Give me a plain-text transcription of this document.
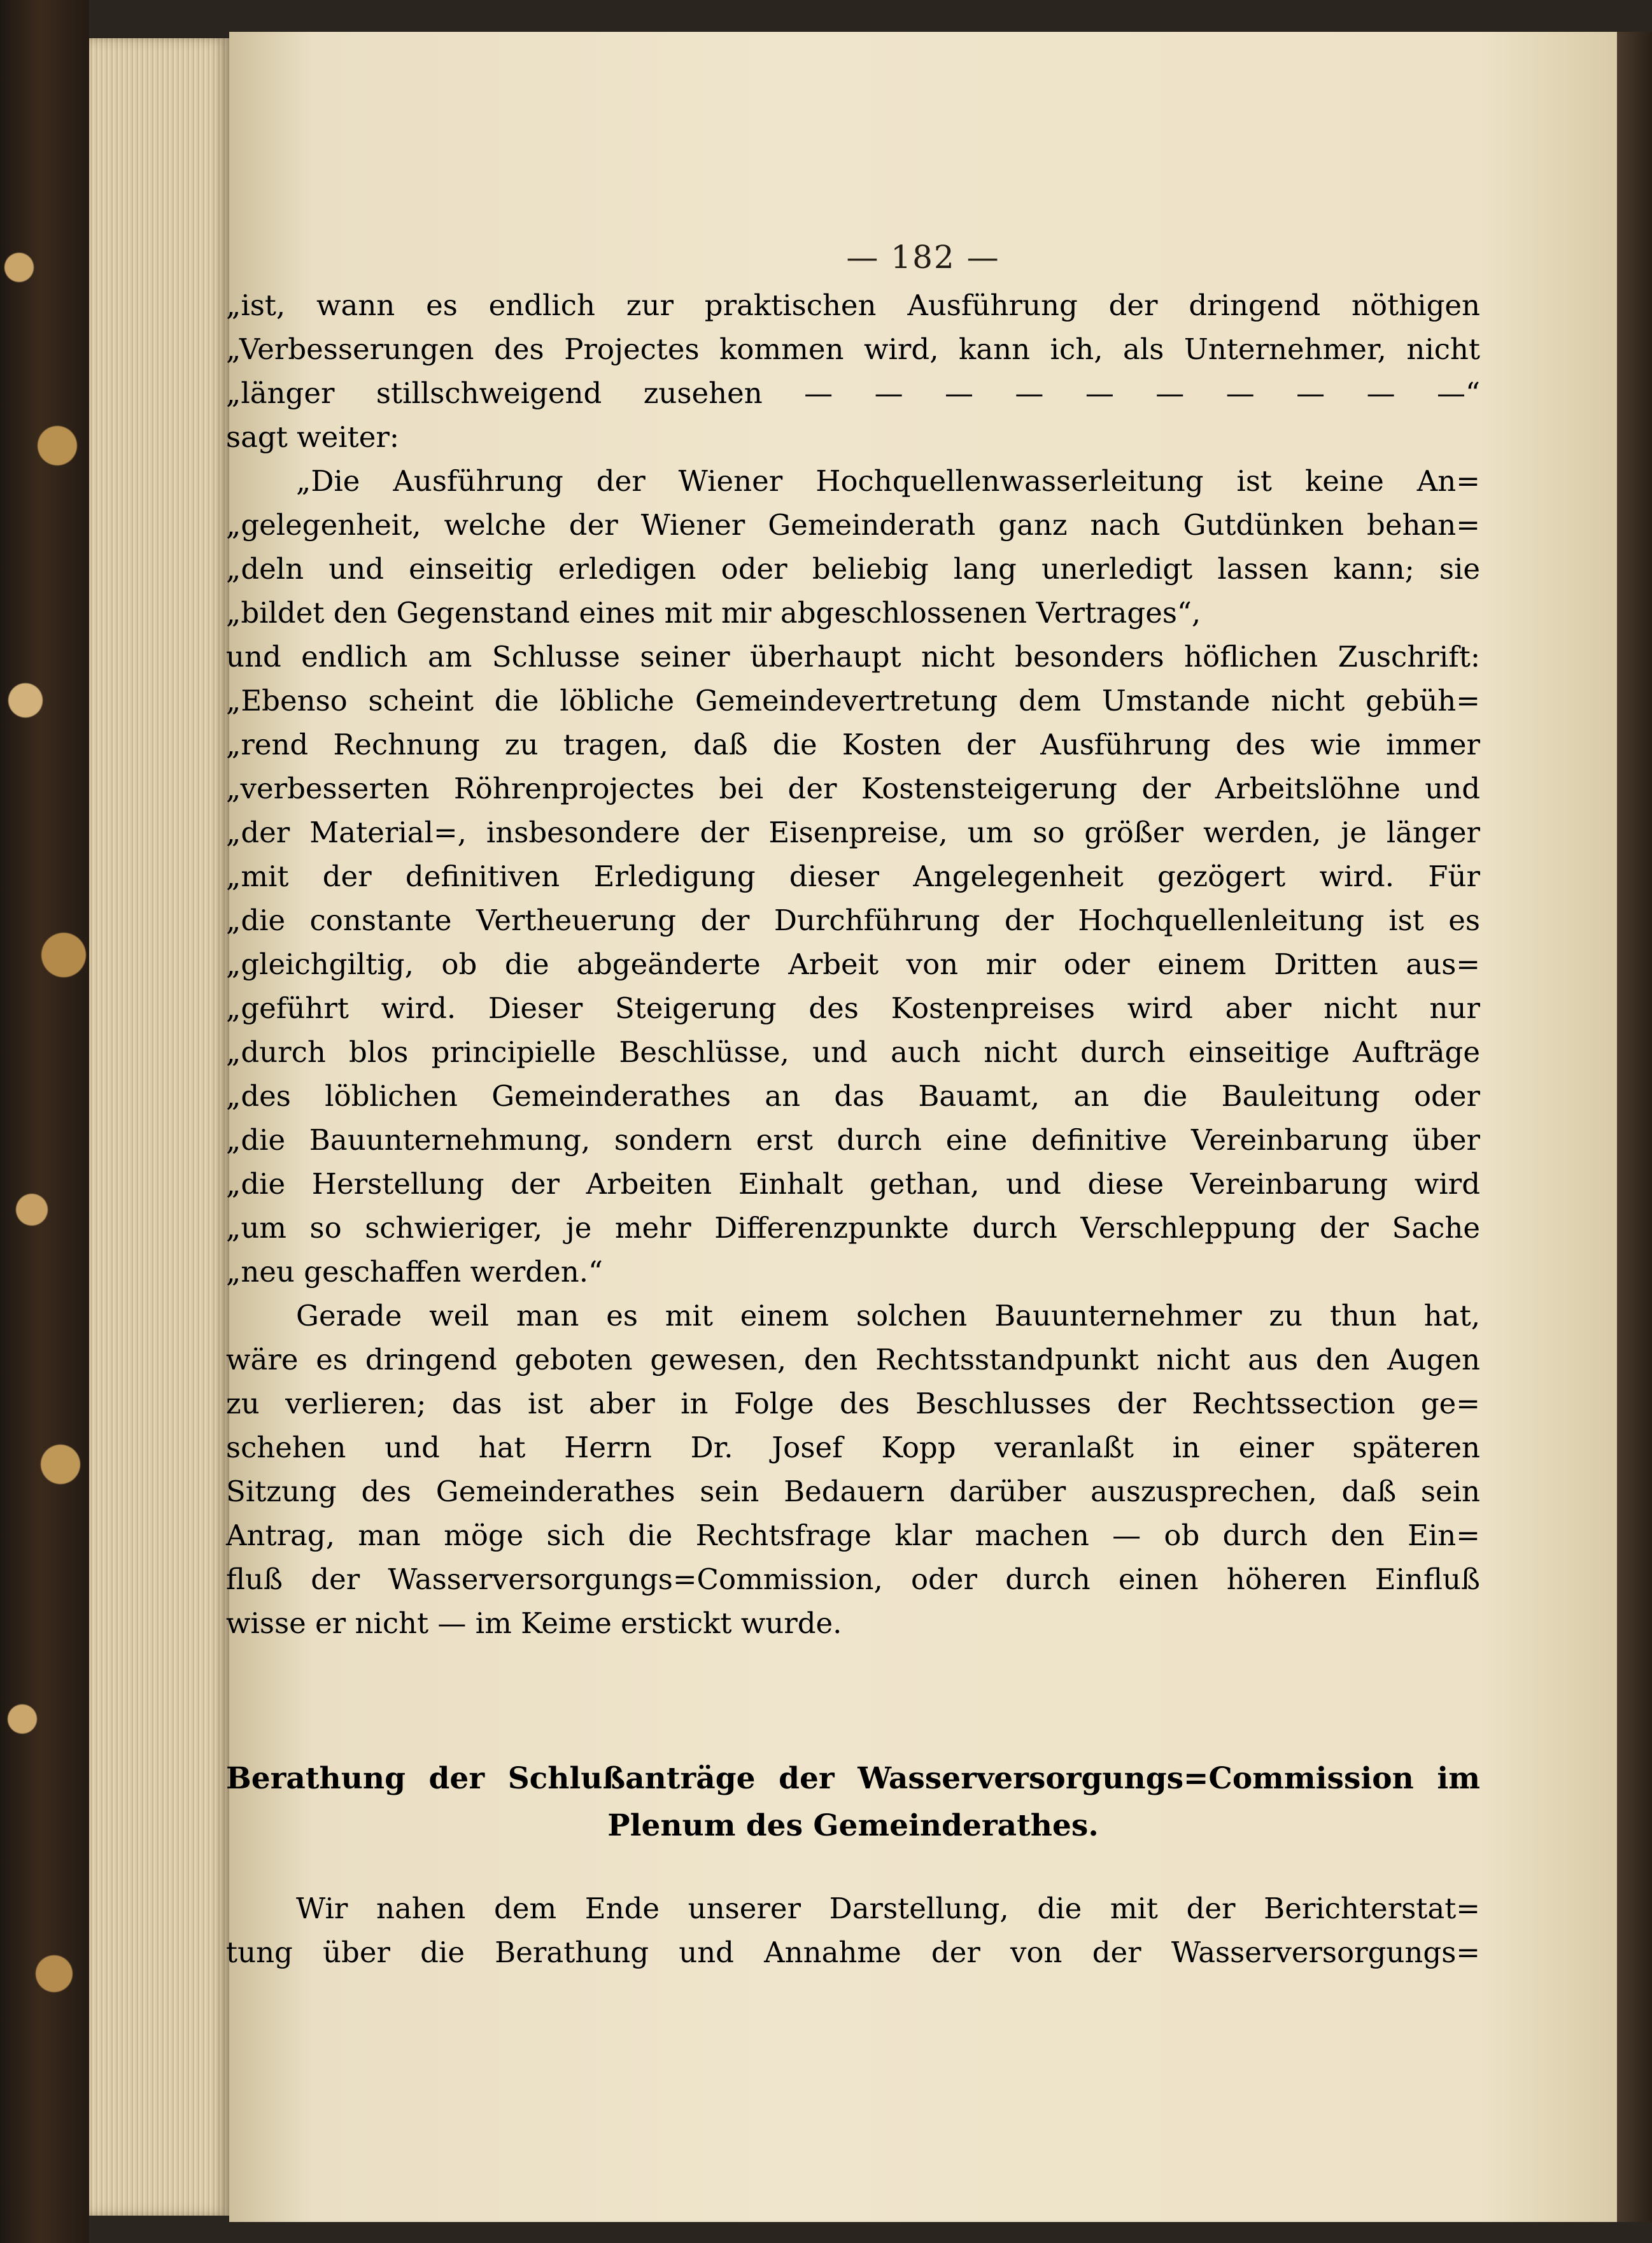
— 182 —
„ist, wann es endlich zur praktischen Ausführung der dringend nöthigen
„Verbesserungen des Projectes kommen wird, kann ich, als Unternehmer, nicht
„länger stillschweigend zusehen — — — — — — — — — —“
sagt weiter:
„Die Ausführung der Wiener Hochquellenwasserleitung ist keine An=
„gelegenheit, welche der Wiener Gemeinderath ganz nach Gutdünken behan=
„deln und einseitig erledigen oder beliebig lang unerledigt lassen kann; sie
„bildet den Gegenstand eines mit mir abgeschlossenen Vertrages“,
und endlich am Schlusse seiner überhaupt nicht besonders höflichen Zuschrift:
„Ebenso scheint die löbliche Gemeindevertretung dem Umstande nicht gebüh=
„rend Rechnung zu tragen, daß die Kosten der Ausführung des wie immer
„verbesserten Röhrenprojectes bei der Kostensteigerung der Arbeitslöhne und
„der Material=, insbesondere der Eisenpreise, um so größer werden, je länger
„mit der definitiven Erledigung dieser Angelegenheit gezögert wird. Für
„die constante Vertheuerung der Durchführung der Hochquellenleitung ist es
„gleichgiltig, ob die abgeänderte Arbeit von mir oder einem Dritten aus=
„geführt wird. Dieser Steigerung des Kostenpreises wird aber nicht nur
„durch blos principielle Beschlüsse, und auch nicht durch einseitige Aufträge
„des löblichen Gemeinderathes an das Bauamt, an die Bauleitung oder
„die Bauunternehmung, sondern erst durch eine definitive Vereinbarung über
„die Herstellung der Arbeiten Einhalt gethan, und diese Vereinbarung wird
„um so schwieriger, je mehr Differenzpunkte durch Verschleppung der Sache
„neu geschaffen werden.“
Gerade weil man es mit einem solchen Bauunternehmer zu thun hat,
wäre es dringend geboten gewesen, den Rechtsstandpunkt nicht aus den Augen
zu verlieren; das ist aber in Folge des Beschlusses der Rechtssection ge=
schehen und hat Herrn Dr. Josef Kopp veranlaßt in einer späteren
Sitzung des Gemeinderathes sein Bedauern darüber auszusprechen, daß sein
Antrag, man möge sich die Rechtsfrage klar machen — ob durch den Ein=
fluß der Wasserversorgungs=Commission, oder durch einen höheren Einfluß
wisse er nicht — im Keime erstickt wurde.
Berathung der Schlußanträge der Wasserversorgungs=Commission im
Plenum des Gemeinderathes.
Wir nahen dem Ende unserer Darstellung, die mit der Berichterstat=
tung über die Berathung und Annahme der von der Wasserversorgungs=
